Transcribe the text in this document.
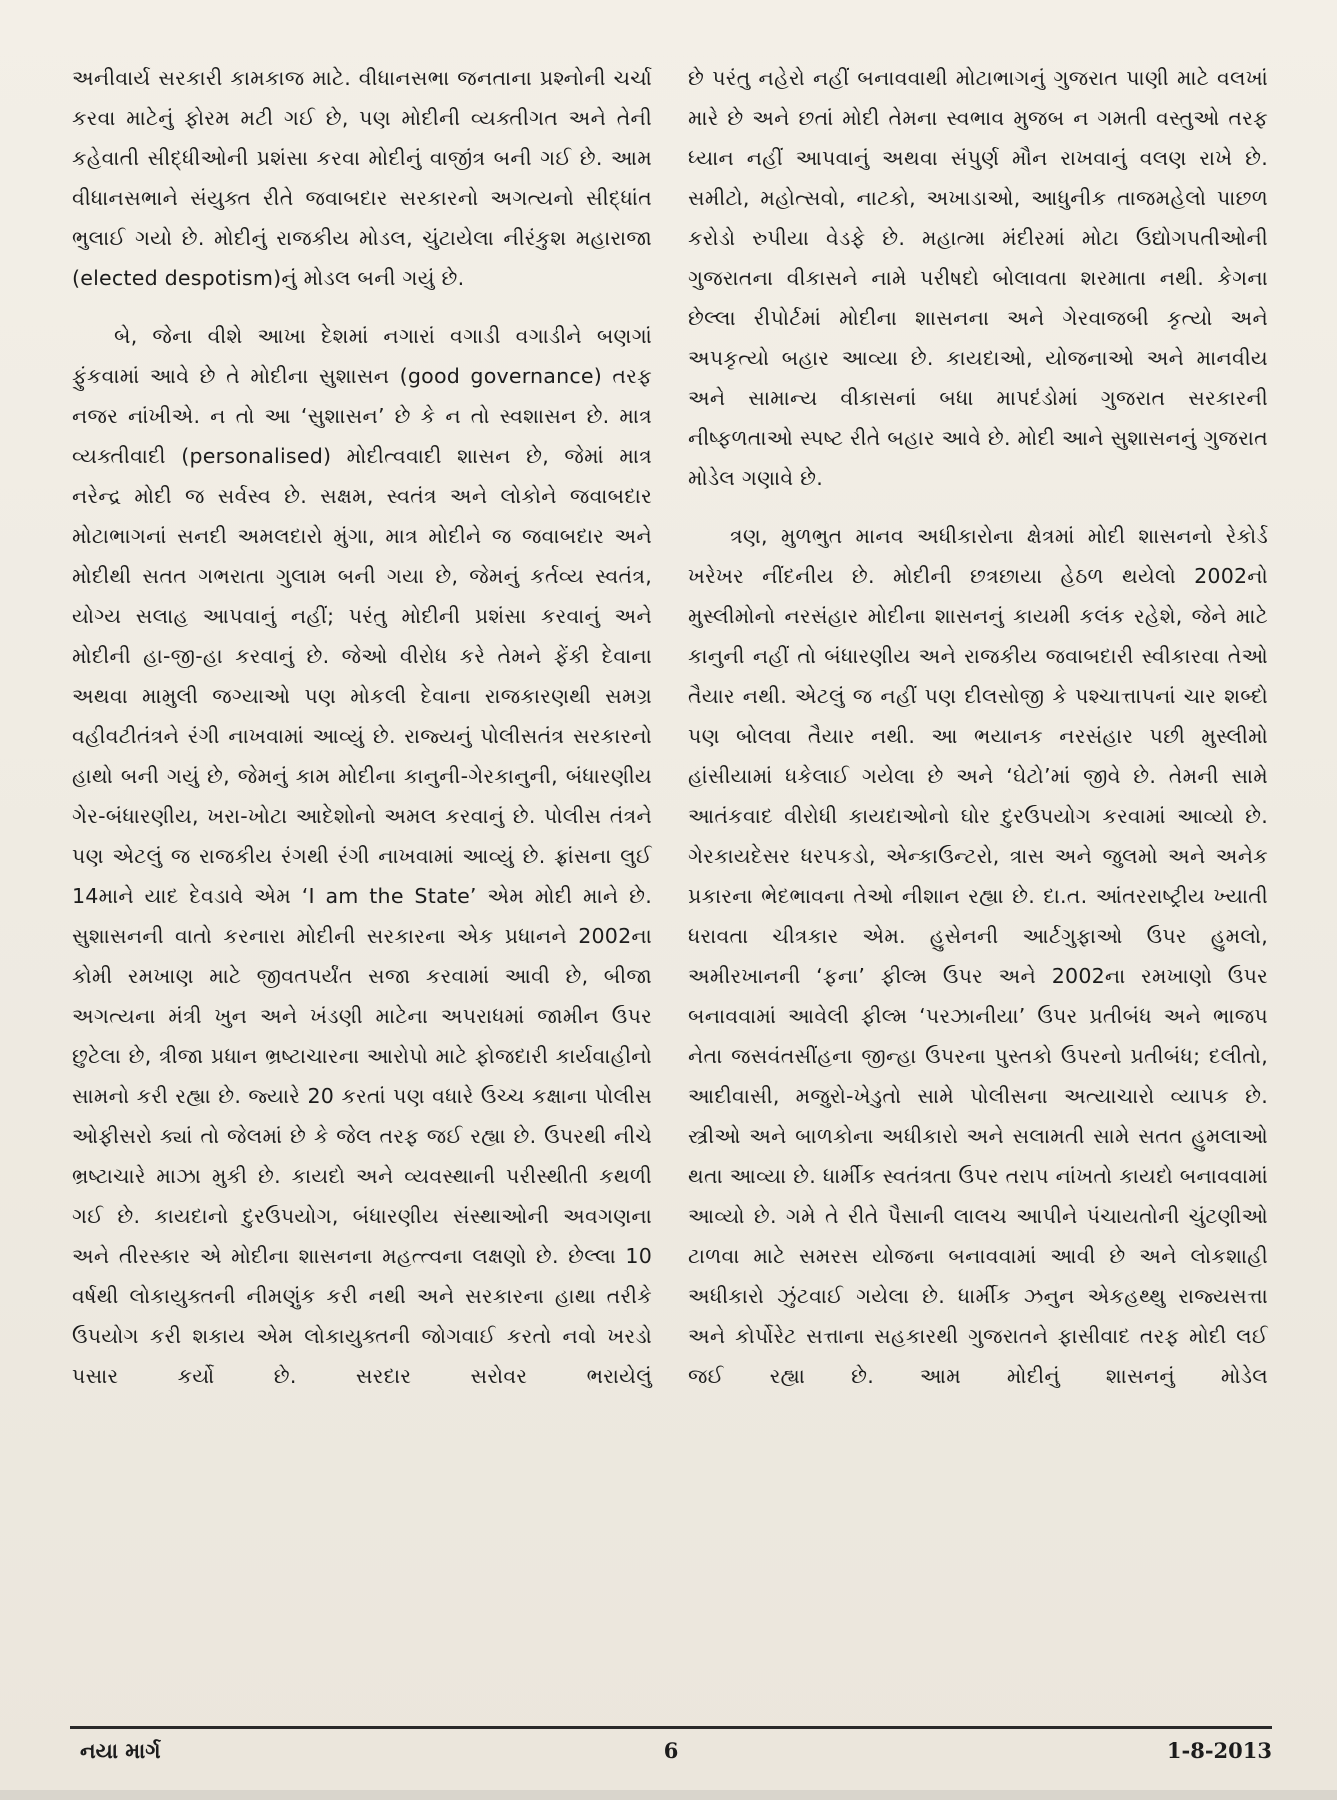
અનીવાર્ય સરકારી કામકાજ માટે. વીધાનસભા જનતાના પ્રશ્નોની ચર્ચા કરવા માટેનું ફોરમ મટી ગઈ છે, પણ મોદીની વ્યક્તીગત અને તેની કહેવાતી સીદ્ધીઓની પ્રશંસા કરવા મોદીનું વાજીંત્ર બની ગઈ છે. આમ વીધાનસભાને સંયુક્ત રીતે જવાબદાર સરકારનો અગત્યનો સીદ્ધાંત ભુલાઈ ગયો છે. મોદીનું રાજકીય મોડલ, ચુંટાયેલા નીરંકુશ મહારાજા (elected despotism)નું મોડલ બની ગયું છે.

બે, જેના વીશે આખા દેશમાં નગારાં વગાડી વગાડીને બણગાં ફુંકવામાં આવે છે તે મોદીના સુશાસન (good governance) તરફ નજર નાંખીએ. ન તો આ ‘સુશાસન’ છે કે ન તો સ્વશાસન છે. માત્ર વ્યક્તીવાદી (personalised) મોદીત્વવાદી શાસન છે, જેમાં માત્ર નરેન્દ્ર મોદી જ સર્વસ્વ છે. સક્ષમ, સ્વતંત્ર અને લોકોને જવાબદાર મોટાભાગનાં સનદી અમલદારો મુંગા, માત્ર મોદીને જ જવાબદાર અને મોદીથી સતત ગભરાતા ગુલામ બની ગયા છે, જેમનું કર્તવ્ય સ્વતંત્ર, યોગ્ય સલાહ આપવાનું નહીં; પરંતુ મોદીની પ્રશંસા કરવાનું અને મોદીની હા-જી-હા કરવાનું છે. જેઓ વીરોધ કરે તેમને ફેંકી દેવાના અથવા મામુલી જગ્યાઓ પણ મોકલી દેવાના રાજકારણથી સમગ્ર વહીવટીતંત્રને રંગી નાખવામાં આવ્યું છે. રાજ્યનું પોલીસતંત્ર સરકારનો હાથો બની ગયું છે, જેમનું કામ મોદીના કાનુની-ગેરકાનુની, બંધારણીય ગેર-બંધારણીય, ખરા-ખોટા આદેશોનો અમલ કરવાનું છે. પોલીસ તંત્રને પણ એટલું જ રાજકીય રંગથી રંગી નાખવામાં આવ્યું છે. ફ્રાંસના લુઈ 14માને યાદ દેવડાવે એમ ‘I am the State’ એમ મોદી માને છે. સુશાસનની વાતો કરનારા મોદીની સરકારના એક પ્રધાનને 2002ના કોમી રમખાણ માટે જીવતપર્યંત સજા કરવામાં આવી છે, બીજા અગત્યના મંત્રી ખુન અને ખંડણી માટેના અપરાધમાં જામીન ઉપર છુટેલા છે, ત્રીજા પ્રધાન ભ્રષ્ટાચારના આરોપો માટે ફોજદારી કાર્યવાહીનો સામનો કરી રહ્યા છે. જ્યારે 20 કરતાં પણ વધારે ઉચ્ચ કક્ષાના પોલીસ ઓફીસરો ક્યાં તો જેલમાં છે કે જેલ તરફ જઈ રહ્યા છે. ઉપરથી નીચે ભ્રષ્ટાચારે માઝા મુકી છે. કાયદો અને વ્યવસ્થાની પરીસ્થીતી કથળી ગઈ છે. કાયદાનો દુરઉપયોગ, બંધારણીય સંસ્થાઓની અવગણના અને તીરસ્કાર એ મોદીના શાસનના મહત્ત્વના લક્ષણો છે. છેલ્લા 10 વર્ષથી લોકાયુક્તની નીમણુંક કરી નથી અને સરકારના હાથા તરીકે ઉપયોગ કરી શકાય એમ લોકાયુક્તની જોગવાઈ કરતો નવો ખરડો પસાર કર્યો છે. સરદાર સરોવર ભરાયેલું

છે પરંતુ નહેરો નહીં બનાવવાથી મોટાભાગનું ગુજરાત પાણી માટે વલખાં મારે છે અને છતાં મોદી તેમના સ્વભાવ મુજબ ન ગમતી વસ્તુઓ તરફ ધ્યાન નહીં આપવાનું અથવા સંપુર્ણ મૌન રાખવાનું વલણ રાખે છે. સમીટો, મહોત્સવો, નાટકો, અખાડાઓ, આધુનીક તાજમહેલો પાછળ કરોડો રુપીયા વેડફે છે. મહાત્મા મંદીરમાં મોટા ઉદ્યોગપતીઓની ગુજરાતના વીકાસને નામે પરીષદો બોલાવતા શરમાતા નથી. કેગના છેલ્લા રીપોર્ટમાં મોદીના શાસનના અને ગેરવાજબી કૃત્યો અને અપકૃત્યો બહાર આવ્યા છે. કાયદાઓ, યોજનાઓ અને માનવીય અને સામાન્ય વીકાસનાં બધા માપદંડોમાં ગુજરાત સરકારની નીષ્ફળતાઓ સ્પષ્ટ રીતે બહાર આવે છે. મોદી આને સુશાસનનું ગુજરાત મોડેલ ગણાવે છે.

ત્રણ, મુળભુત માનવ અધીકારોના ક્ષેત્રમાં મોદી શાસનનો રેકોર્ડ ખરેખર નીંદનીય છે. મોદીની છત્રછાયા હેઠળ થયેલો 2002નો મુસ્લીમોનો નરસંહાર મોદીના શાસનનું કાયમી કલંક રહેશે, જેને માટે કાનુની નહીં તો બંધારણીય અને રાજકીય જવાબદારી સ્વીકારવા તેઓ તૈયાર નથી. એટલું જ નહીં પણ દીલસોજી કે પશ્ચાત્તાપનાં ચાર શબ્દો પણ બોલવા તૈયાર નથી. આ ભયાનક નરસંહાર પછી મુસ્લીમો હાંસીયામાં ધકેલાઈ ગયેલા છે અને ‘ઘેટો’માં જીવે છે. તેમની સામે આતંકવાદ વીરોધી કાયદાઓનો ઘોર દુરઉપયોગ કરવામાં આવ્યો છે. ગેરકાયદેસર ધરપકડો, એન્કાઉન્ટરો, ત્રાસ અને જુલમો અને અનેક પ્રકારના ભેદભાવના તેઓ નીશાન રહ્યા છે. દા.ત. આંતરરાષ્ટ્રીય ખ્યાતી ધરાવતા ચીત્રકાર એમ. હુસેનની આર્ટગુફાઓ ઉપર હુમલો, અમીરખાનની ‘ફના’ ફીલ્મ ઉપર અને 2002ના રમખાણો ઉપર બનાવવામાં આવેલી ફીલ્મ ‘પરઝાનીયા’ ઉપર પ્રતીબંધ અને ભાજપ નેતા જસવંતસીંહના જીન્હા ઉપરના પુસ્તકો ઉપરનો પ્રતીબંધ; દલીતો, આદીવાસી, મજુરો-ખેડુતો સામે પોલીસના અત્યાચારો વ્યાપક છે. સ્ત્રીઓ અને બાળકોના અધીકારો અને સલામતી સામે સતત હુમલાઓ થતા આવ્યા છે. ધાર્મીક સ્વતંત્રતા ઉપર તરાપ નાંખતો કાયદો બનાવવામાં આવ્યો છે. ગમે તે રીતે પૈસાની લાલચ આપીને પંચાયતોની ચુંટણીઓ ટાળવા માટે સમરસ યોજના બનાવવામાં આવી છે અને લોકશાહી અધીકારો ઝુંટવાઈ ગયેલા છે. ધાર્મીક ઝનુન એકહથ્થુ રાજ્યસત્તા અને કોર્પોરેટ સત્તાના સહકારથી ગુજરાતને ફાસીવાદ તરફ મોદી લઈ જઈ રહ્યા છે. આમ મોદીનું શાસનનું મોડેલ

નયા માર્ગ	6	1-8-2013
